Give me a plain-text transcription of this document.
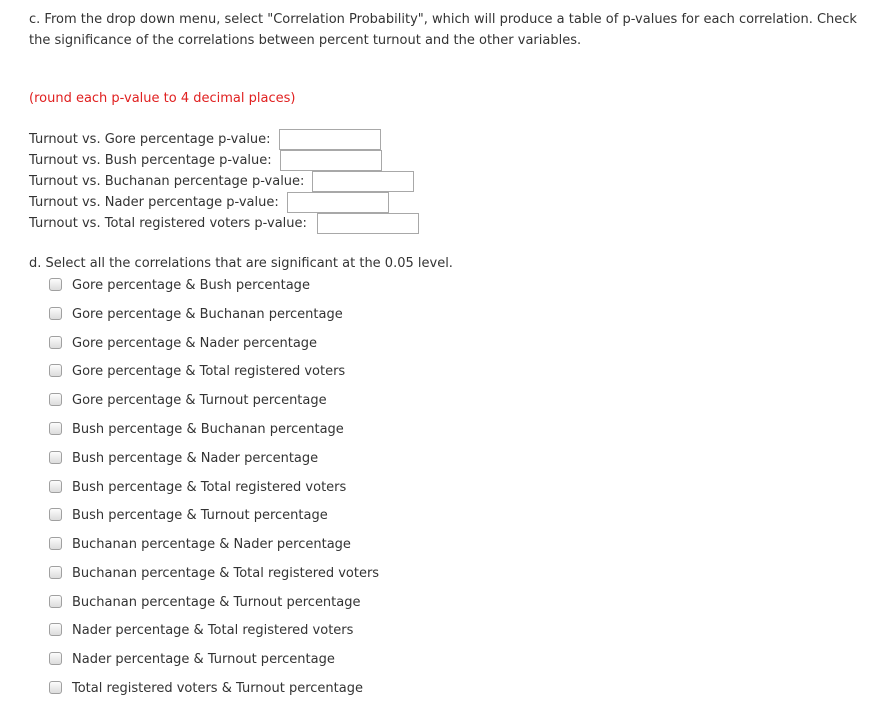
c. From the drop down menu, select "Correlation Probability", which will produce a table of p-values for each correlation. Check the significance of the correlations between percent turnout and the other variables.
(round each p-value to 4 decimal places)
Turnout vs. Gore percentage p-value:
Turnout vs. Bush percentage p-value:
Turnout vs. Buchanan percentage p-value:
Turnout vs. Nader percentage p-value:
Turnout vs. Total registered voters p-value:
d. Select all the correlations that are significant at the 0.05 level.
Gore percentage & Bush percentage
Gore percentage & Buchanan percentage
Gore percentage & Nader percentage
Gore percentage & Total registered voters
Gore percentage & Turnout percentage
Bush percentage & Buchanan percentage
Bush percentage & Nader percentage
Bush percentage & Total registered voters
Bush percentage & Turnout percentage
Buchanan percentage & Nader percentage
Buchanan percentage & Total registered voters
Buchanan percentage & Turnout percentage
Nader percentage & Total registered voters
Nader percentage & Turnout percentage
Total registered voters & Turnout percentage
